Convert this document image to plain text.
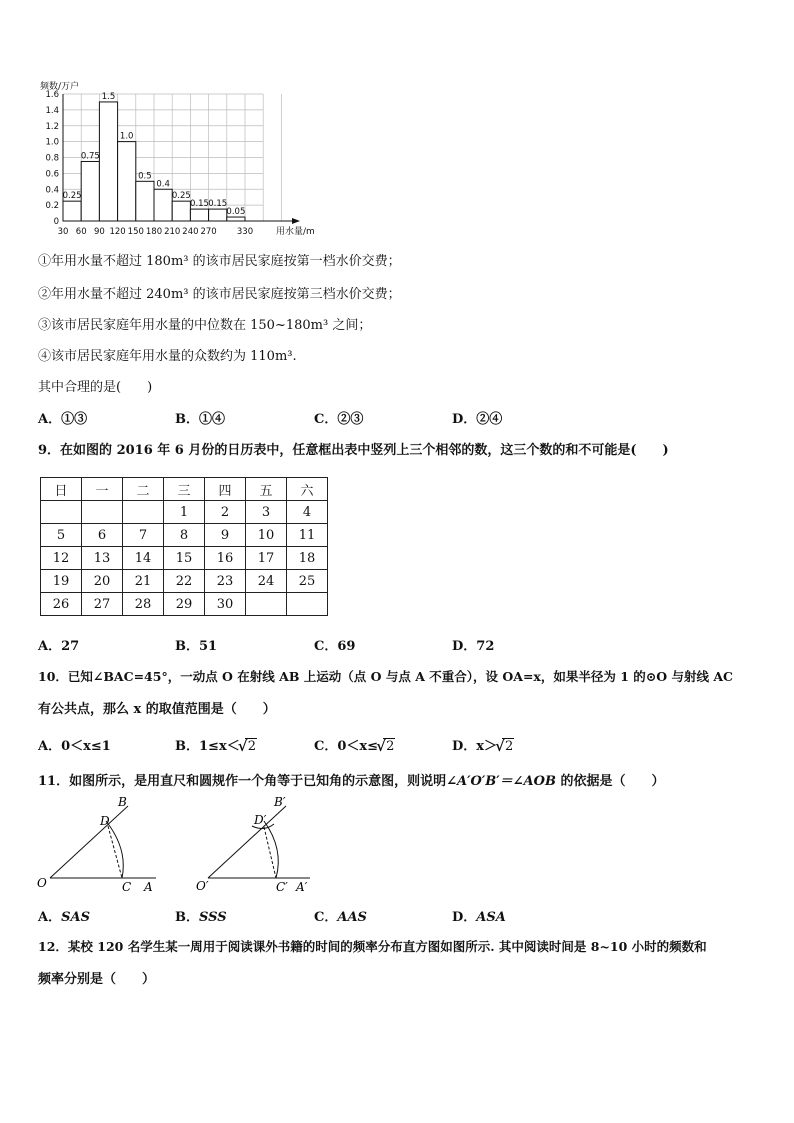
频数/万户
0.25
0.75
1.5
1.0
0.5
0.4
0.25
0.15 0.15
0.05
0
0.2
0.4
0.6
0.8
1.0
1.2
1.4
1.6
30 60 90 120 150 180 210 240 270 330	用水量/m
①年用水量不超过 180m³ 的该市居民家庭按第一档水价交费；
②年用水量不超过 240m³ 的该市居民家庭按第三档水价交费；
③该市居民家庭年用水量的中位数在 150~180m³ 之间；
④该市居民家庭年用水量的众数约为 110m³.
其中合理的是(　　)
A．①③	B．①④	C．②③	D．②④
9．在如图的 2016 年 6 月份的日历表中，任意框出表中竖列上三个相邻的数，这三个数的和不可能是(　　)
日	一	二	三	四	五	六
			1	2	3	4
5	6	7	8	9	10	11
12	13	14	15	16	17	18
19	20	21	22	23	24	25
26	27	28	29	30		
A．27	B．51	C．69	D．72
10．已知∠BAC=45°，一动点 O 在射线 AB 上运动（点 O 与点 A 不重合），设 OA=x，如果半径为 1 的⊙O 与射线 AC
有公共点，那么 x 的取值范围是（　　）
A．0＜x≤1	B．1≤x＜
√ 2	C．0＜x≤
√ 2	D．x＞
√ 2
11．如图所示，是用直尺和圆规作一个角等于已知角的示意图，则说明∠A′O′B′＝∠AOB 的依据是（　　）
B
D
O	C A
B′
D′
O′	C′ A′
A．SAS	B．SSS	C．AAS	D．ASA
12．某校 120 名学生某一周用于阅读课外书籍的时间的频率分布直方图如图所示. 其中阅读时间是 8~10 小时的频数和
频率分别是（　　）
